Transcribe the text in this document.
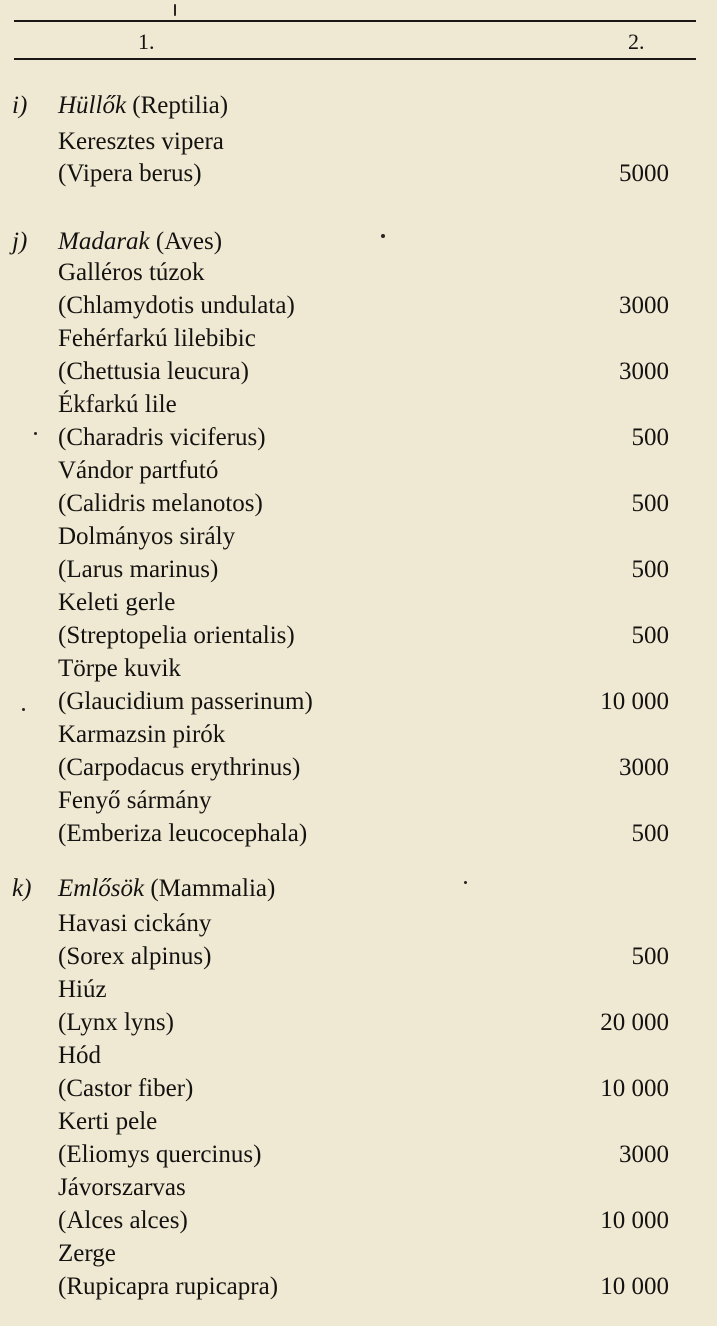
1.	2.
i) Hüllők (Reptilia)
Keresztes vipera
(Vipera berus)	5000
j) Madarak (Aves)
Galléros túzok
(Chlamydotis undulata)	3000
Fehérfarkú lilebibic
(Chettusia leucura)	3000
Ékfarkú lile
(Charadris viciferus)	500
Vándor partfutó
(Calidris melanotos)	500
Dolmányos sirály
(Larus marinus)	500
Keleti gerle
(Streptopelia orientalis)	500
Törpe kuvik
(Glaucidium passerinum)	10 000
Karmazsin pirók
(Carpodacus erythrinus)	3000
Fenyő sármány
(Emberiza leucocephala)	500
k) Emlősök (Mammalia)
Havasi cickány
(Sorex alpinus)	500
Hiúz
(Lynx lyns)	20 000
Hód
(Castor fiber)	10 000
Kerti pele
(Eliomys quercinus)	3000
Jávorszarvas
(Alces alces)	10 000
Zerge
(Rupicapra rupicapra)	10 000
